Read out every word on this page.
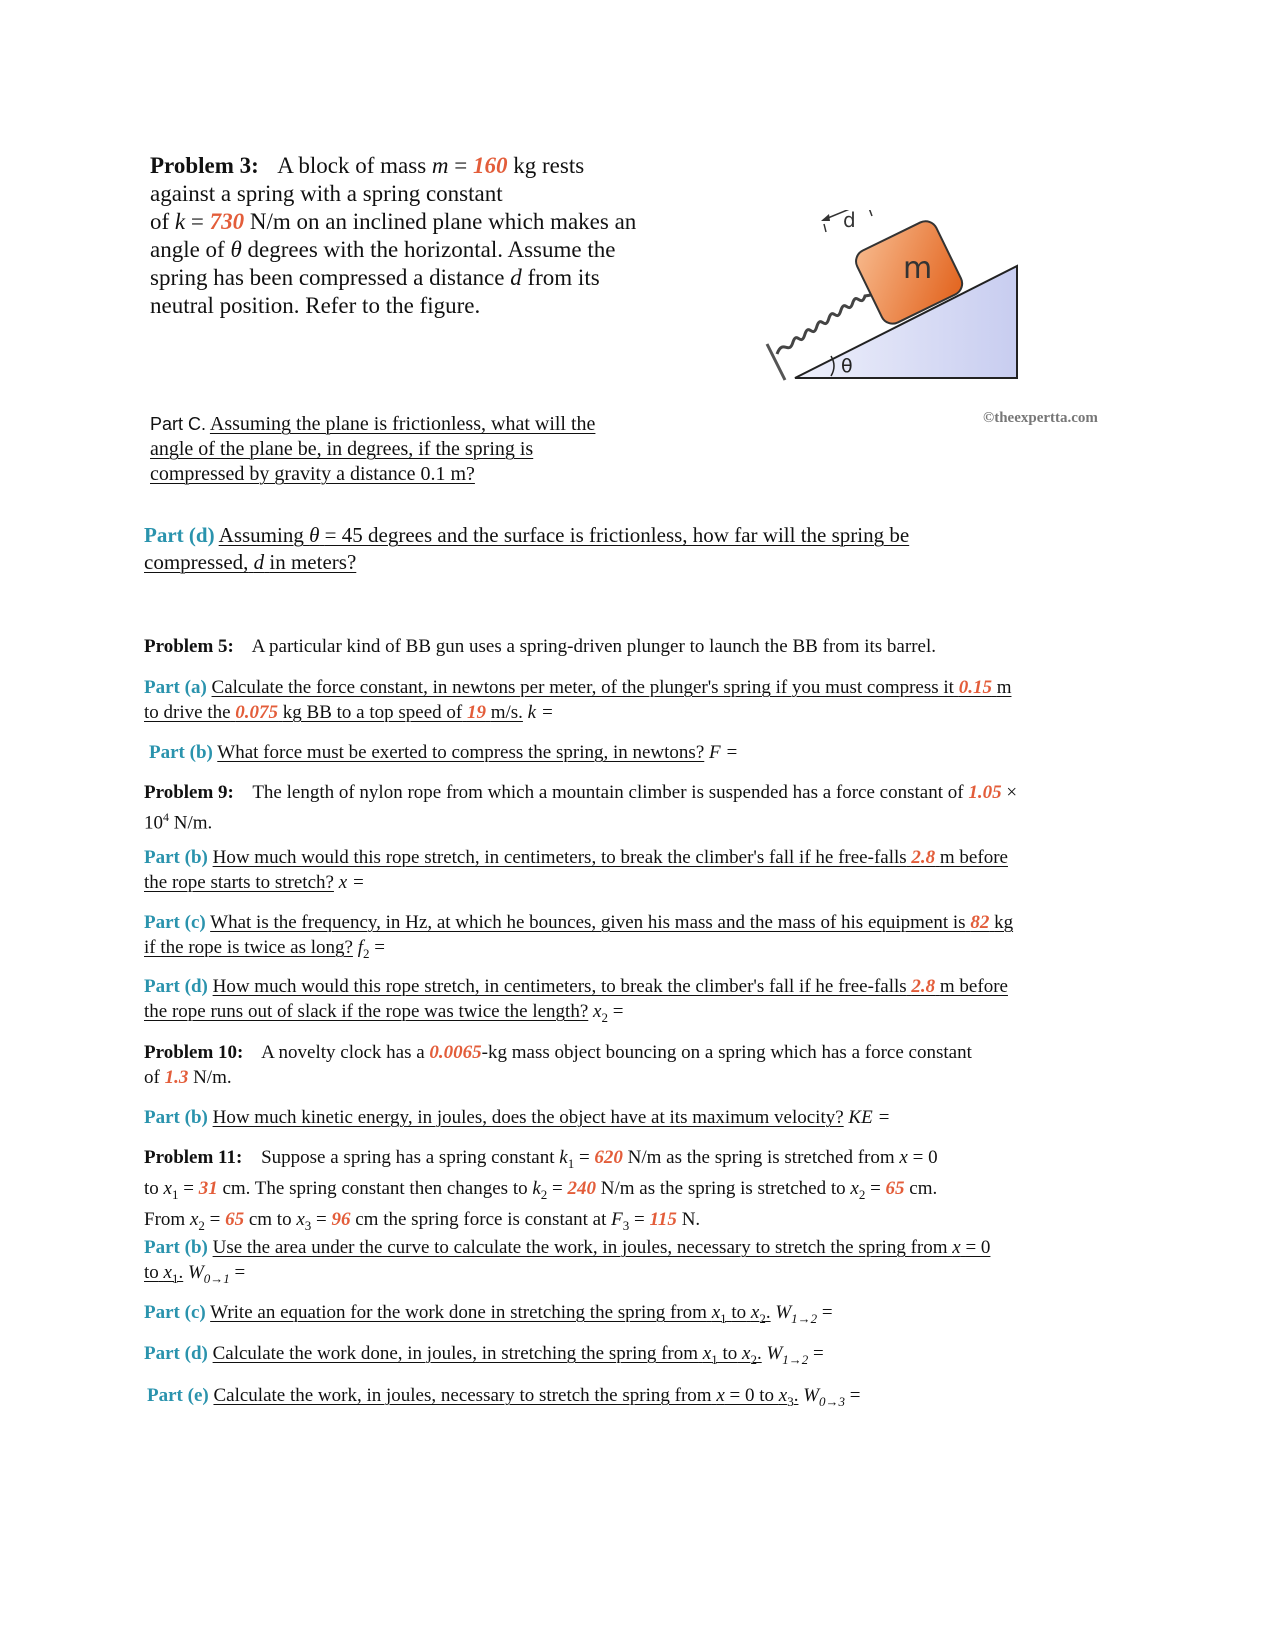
Problem 3: A block of mass m = 160 kg rests
against a spring with a spring constant
of k = 730 N/m on an inclined plane which makes an
angle of θ degrees with the horizontal. Assume the
spring has been compressed a distance d from its
neutral position. Refer to the figure.
m
d
θ
©theexpertta.com
Part C. Assuming the plane is frictionless, what will the
angle of the plane be, in degrees, if the spring is
compressed by gravity a distance 0.1 m?
Part (d) Assuming θ = 45 degrees and the surface is frictionless, how far will the spring be
compressed, d in meters?
Problem 5: A particular kind of BB gun uses a spring-driven plunger to launch the BB from its barrel.
Part (a) Calculate the force constant, in newtons per meter, of the plunger's spring if you must compress it 0.15 m
to drive the 0.075 kg BB to a top speed of 19 m/s. k =
Part (b) What force must be exerted to compress the spring, in newtons? F =
Problem 9: The length of nylon rope from which a mountain climber is suspended has a force constant of 1.05 ×
$10^4$ N/m.
Part (b) How much would this rope stretch, in centimeters, to break the climber's fall if he free-falls 2.8 m before
the rope starts to stretch? x =
Part (c) What is the frequency, in Hz, at which he bounces, given his mass and the mass of his equipment is 82 kg
if the rope is twice as long? $f_2$ =
Part (d) How much would this rope stretch, in centimeters, to break the climber's fall if he free-falls 2.8 m before
the rope runs out of slack if the rope was twice the length? $x_2$ =
Problem 10: A novelty clock has a 0.0065-kg mass object bouncing on a spring which has a force constant
of 1.3 N/m.
Part (b) How much kinetic energy, in joules, does the object have at its maximum velocity? KE =
Problem 11: Suppose a spring has a spring constant $k_1 = 620$ N/m as the spring is stretched from x = 0
to $x_1 = 31$ cm. The spring constant then changes to $k_2 = 240$ N/m as the spring is stretched to $x_2 = 65$ cm.
From $x_2 = 65$ cm to $x_3 = 96$ cm the spring force is constant at $F_3 = 115$ N.
Part (b) Use the area under the curve to calculate the work, in joules, necessary to stretch the spring from x = 0
to $x_1$. $W_{0\to 1}$ =
Part (c) Write an equation for the work done in stretching the spring from $x_1$ to $x_2$. $W_{1\to 2}$ =
Part (d) Calculate the work done, in joules, in stretching the spring from $x_1$ to $x_2$. $W_{1\to 2}$ =
Part (e) Calculate the work, in joules, necessary to stretch the spring from x = 0 to $x_3$. $W_{0\to 3}$ =
